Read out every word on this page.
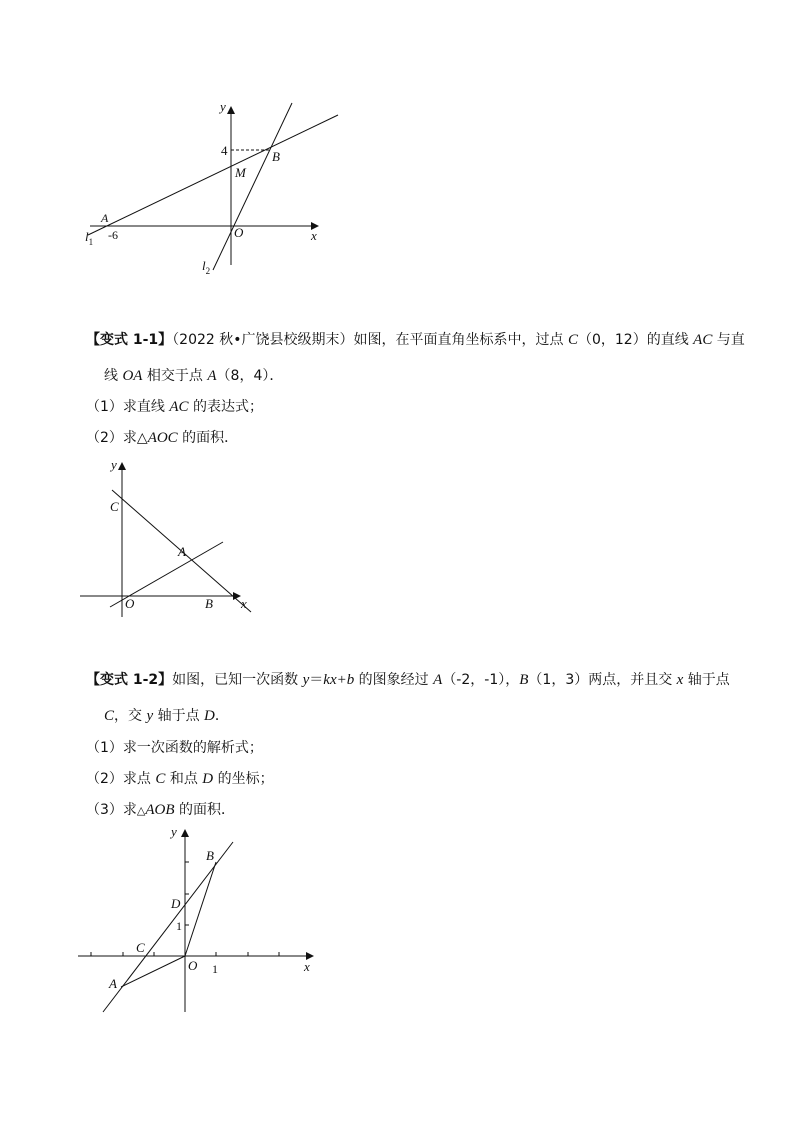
y
x
4	B
M
A
-6	O
$l_1$
$l_2$
【变式 1-1】（2022 秋•广饶县校级期末）如图，在平面直角坐标系中，过点 C（0，12）的直线 AC 与直
线 OA 相交于点 A（8，4）．
（1）求直线 AC 的表达式；
（2）求△AOC 的面积．
y
x
C
A
O	B
【变式 1-2】如图，已知一次函数 y＝kx+b 的图象经过 A（-2，-1），B（1，3）两点，并且交 x 轴于点
C，交 y 轴于点 D．
（1）求一次函数的解析式；
（2）求点 C 和点 D 的坐标；
（3）求△AOB 的面积．
y
x
B
D
1
C
O 1
A
